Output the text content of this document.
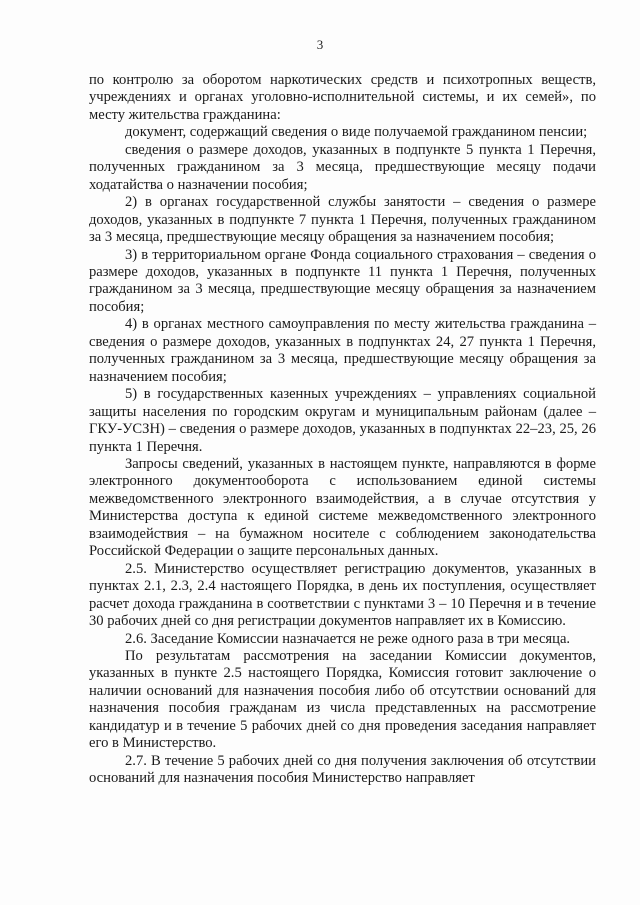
3

по контролю за оборотом наркотических средств и психотропных веществ, учреждениях и органах уголовно-исполнительной системы, и их семей», по месту жительства гражданина:

документ, содержащий сведения о виде получаемой гражданином пенсии;

сведения о размере доходов, указанных в подпункте 5 пункта 1 Перечня, полученных гражданином за 3 месяца, предшествующие месяцу подачи ходатайства о назначении пособия;

2) в органах государственной службы занятости – сведения о размере доходов, указанных в подпункте 7 пункта 1 Перечня, полученных гражданином за 3 месяца, предшествующие месяцу обращения за назначением пособия;

3) в территориальном органе Фонда социального страхования – сведения о размере доходов, указанных в подпункте 11 пункта 1 Перечня, полученных гражданином за 3 месяца, предшествующие месяцу обращения за назначением пособия;

4) в органах местного самоуправления по месту жительства гражданина – сведения о размере доходов, указанных в подпунктах 24, 27 пункта 1 Перечня, полученных гражданином за 3 месяца, предшествующие месяцу обращения за назначением пособия;

5) в государственных казенных учреждениях – управлениях социальной защиты населения по городским округам и муниципальным районам (далее – ГКУ-УСЗН) – сведения о размере доходов, указанных в подпунктах 22–23, 25, 26 пункта 1 Перечня.

Запросы сведений, указанных в настоящем пункте, направляются в форме электронного документооборота с использованием единой системы межведомственного электронного взаимодействия, а в случае отсутствия у Министерства доступа к единой системе межведомственного электронного взаимодействия – на бумажном носителе с соблюдением законодательства Российской Федерации о защите персональных данных.

2.5. Министерство осуществляет регистрацию документов, указанных в пунктах 2.1, 2.3, 2.4 настоящего Порядка, в день их поступления, осуществляет расчет дохода гражданина в соответствии с пунктами 3 – 10 Перечня и в течение 30 рабочих дней со дня регистрации документов направляет их в Комиссию.

2.6. Заседание Комиссии назначается не реже одного раза в три месяца.

По результатам рассмотрения на заседании Комиссии документов, указанных в пункте 2.5 настоящего Порядка, Комиссия готовит заключение о наличии оснований для назначения пособия либо об отсутствии оснований для назначения пособия гражданам из числа представленных на рассмотрение кандидатур и в течение 5 рабочих дней со дня проведения заседания направляет его в Министерство.

2.7. В течение 5 рабочих дней со дня получения заключения об отсутствии оснований для назначения пособия Министерство направляет
